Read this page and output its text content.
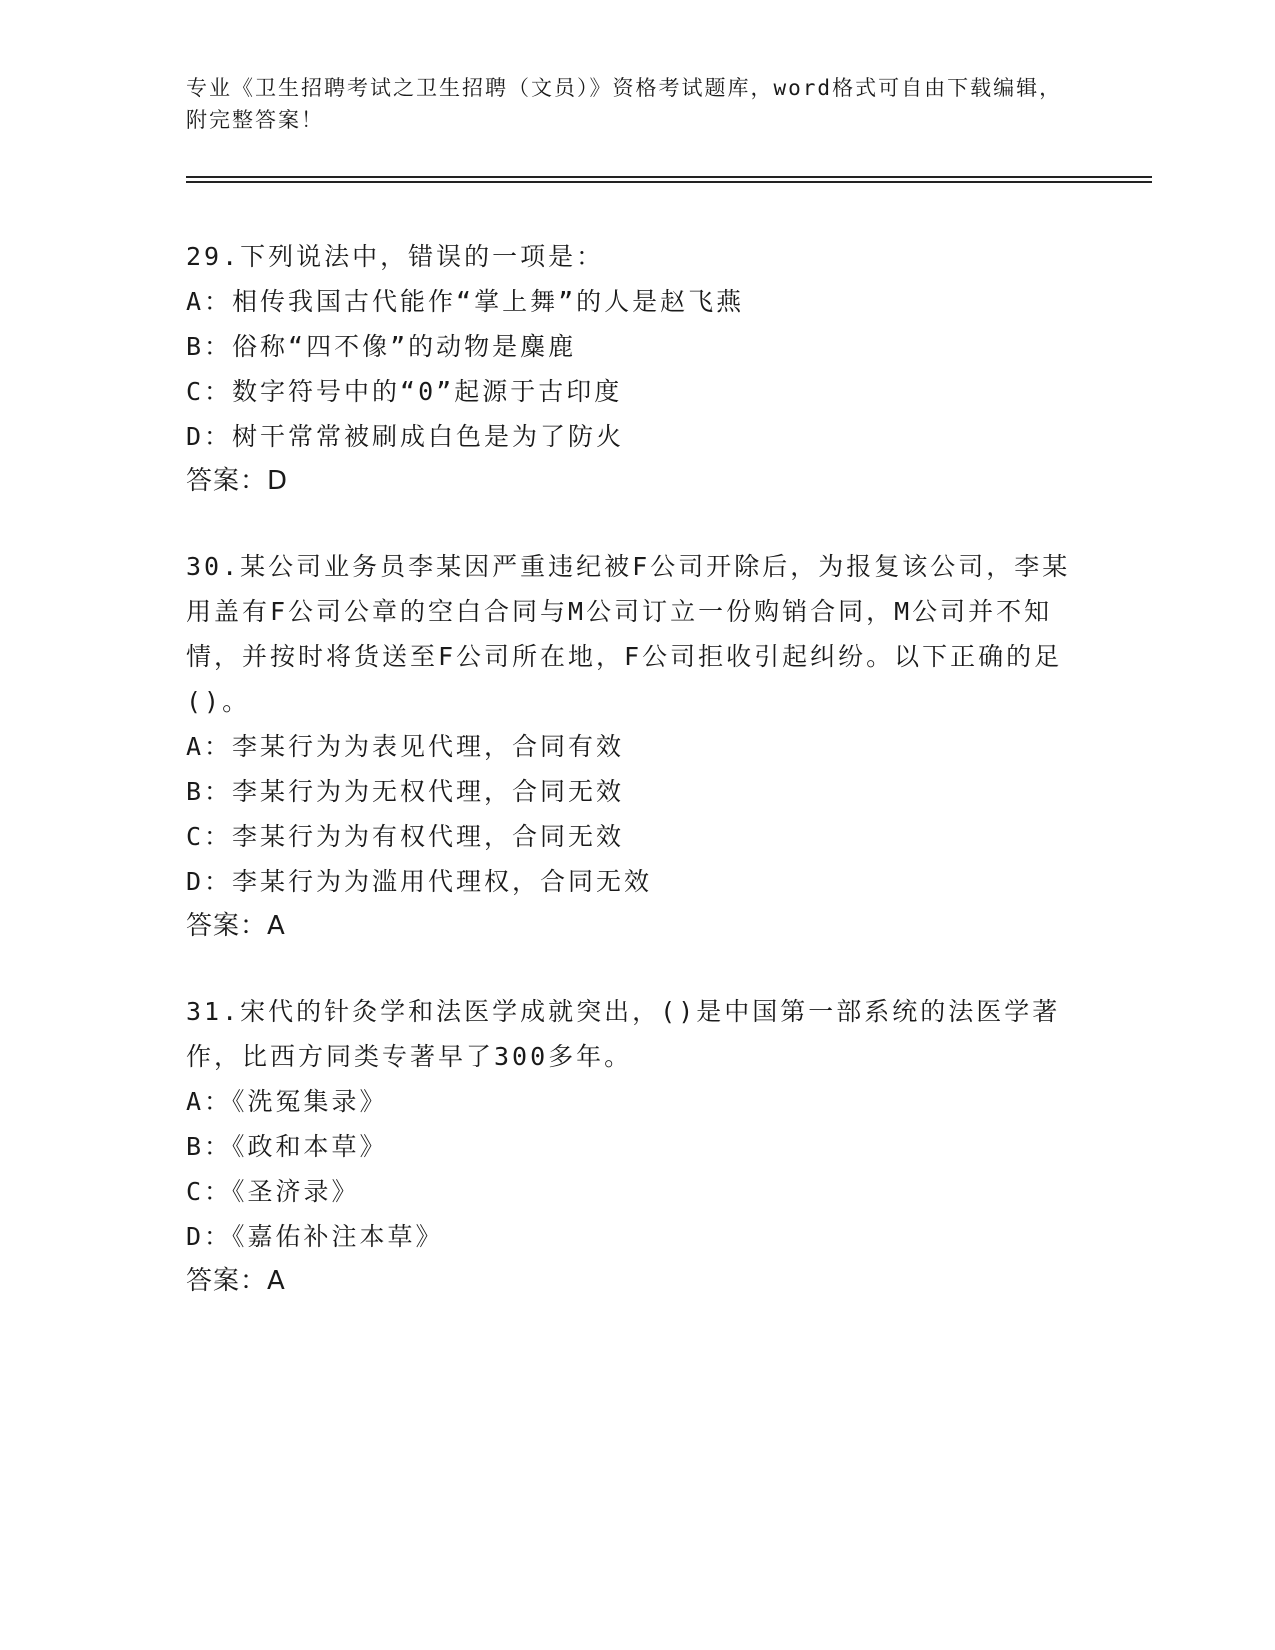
专业《卫生招聘考试之卫生招聘（文员）》资格考试题库，word格式可自由下载编辑，附完整答案！
29.下列说法中，错误的一项是：
A：相传我国古代能作“掌上舞”的人是赵飞燕
B：俗称“四不像”的动物是麋鹿
C：数字符号中的“0”起源于古印度
D：树干常常被刷成白色是为了防火
答案：D
30.某公司业务员李某因严重违纪被F公司开除后，为报复该公司，李某用盖有F公司公章的空白合同与M公司订立一份购销合同，M公司并不知情，并按时将货送至F公司所在地，F公司拒收引起纠纷。以下正确的足()。
A：李某行为为表见代理，合同有效
B：李某行为为无权代理，合同无效
C：李某行为为有权代理，合同无效
D：李某行为为滥用代理权，合同无效
答案：A
31.宋代的针灸学和法医学成就突出，()是中国第一部系统的法医学著作，比西方同类专著早了300多年。
A：《洗冤集录》
B：《政和本草》
C：《圣济录》
D：《嘉佑补注本草》
答案：A
